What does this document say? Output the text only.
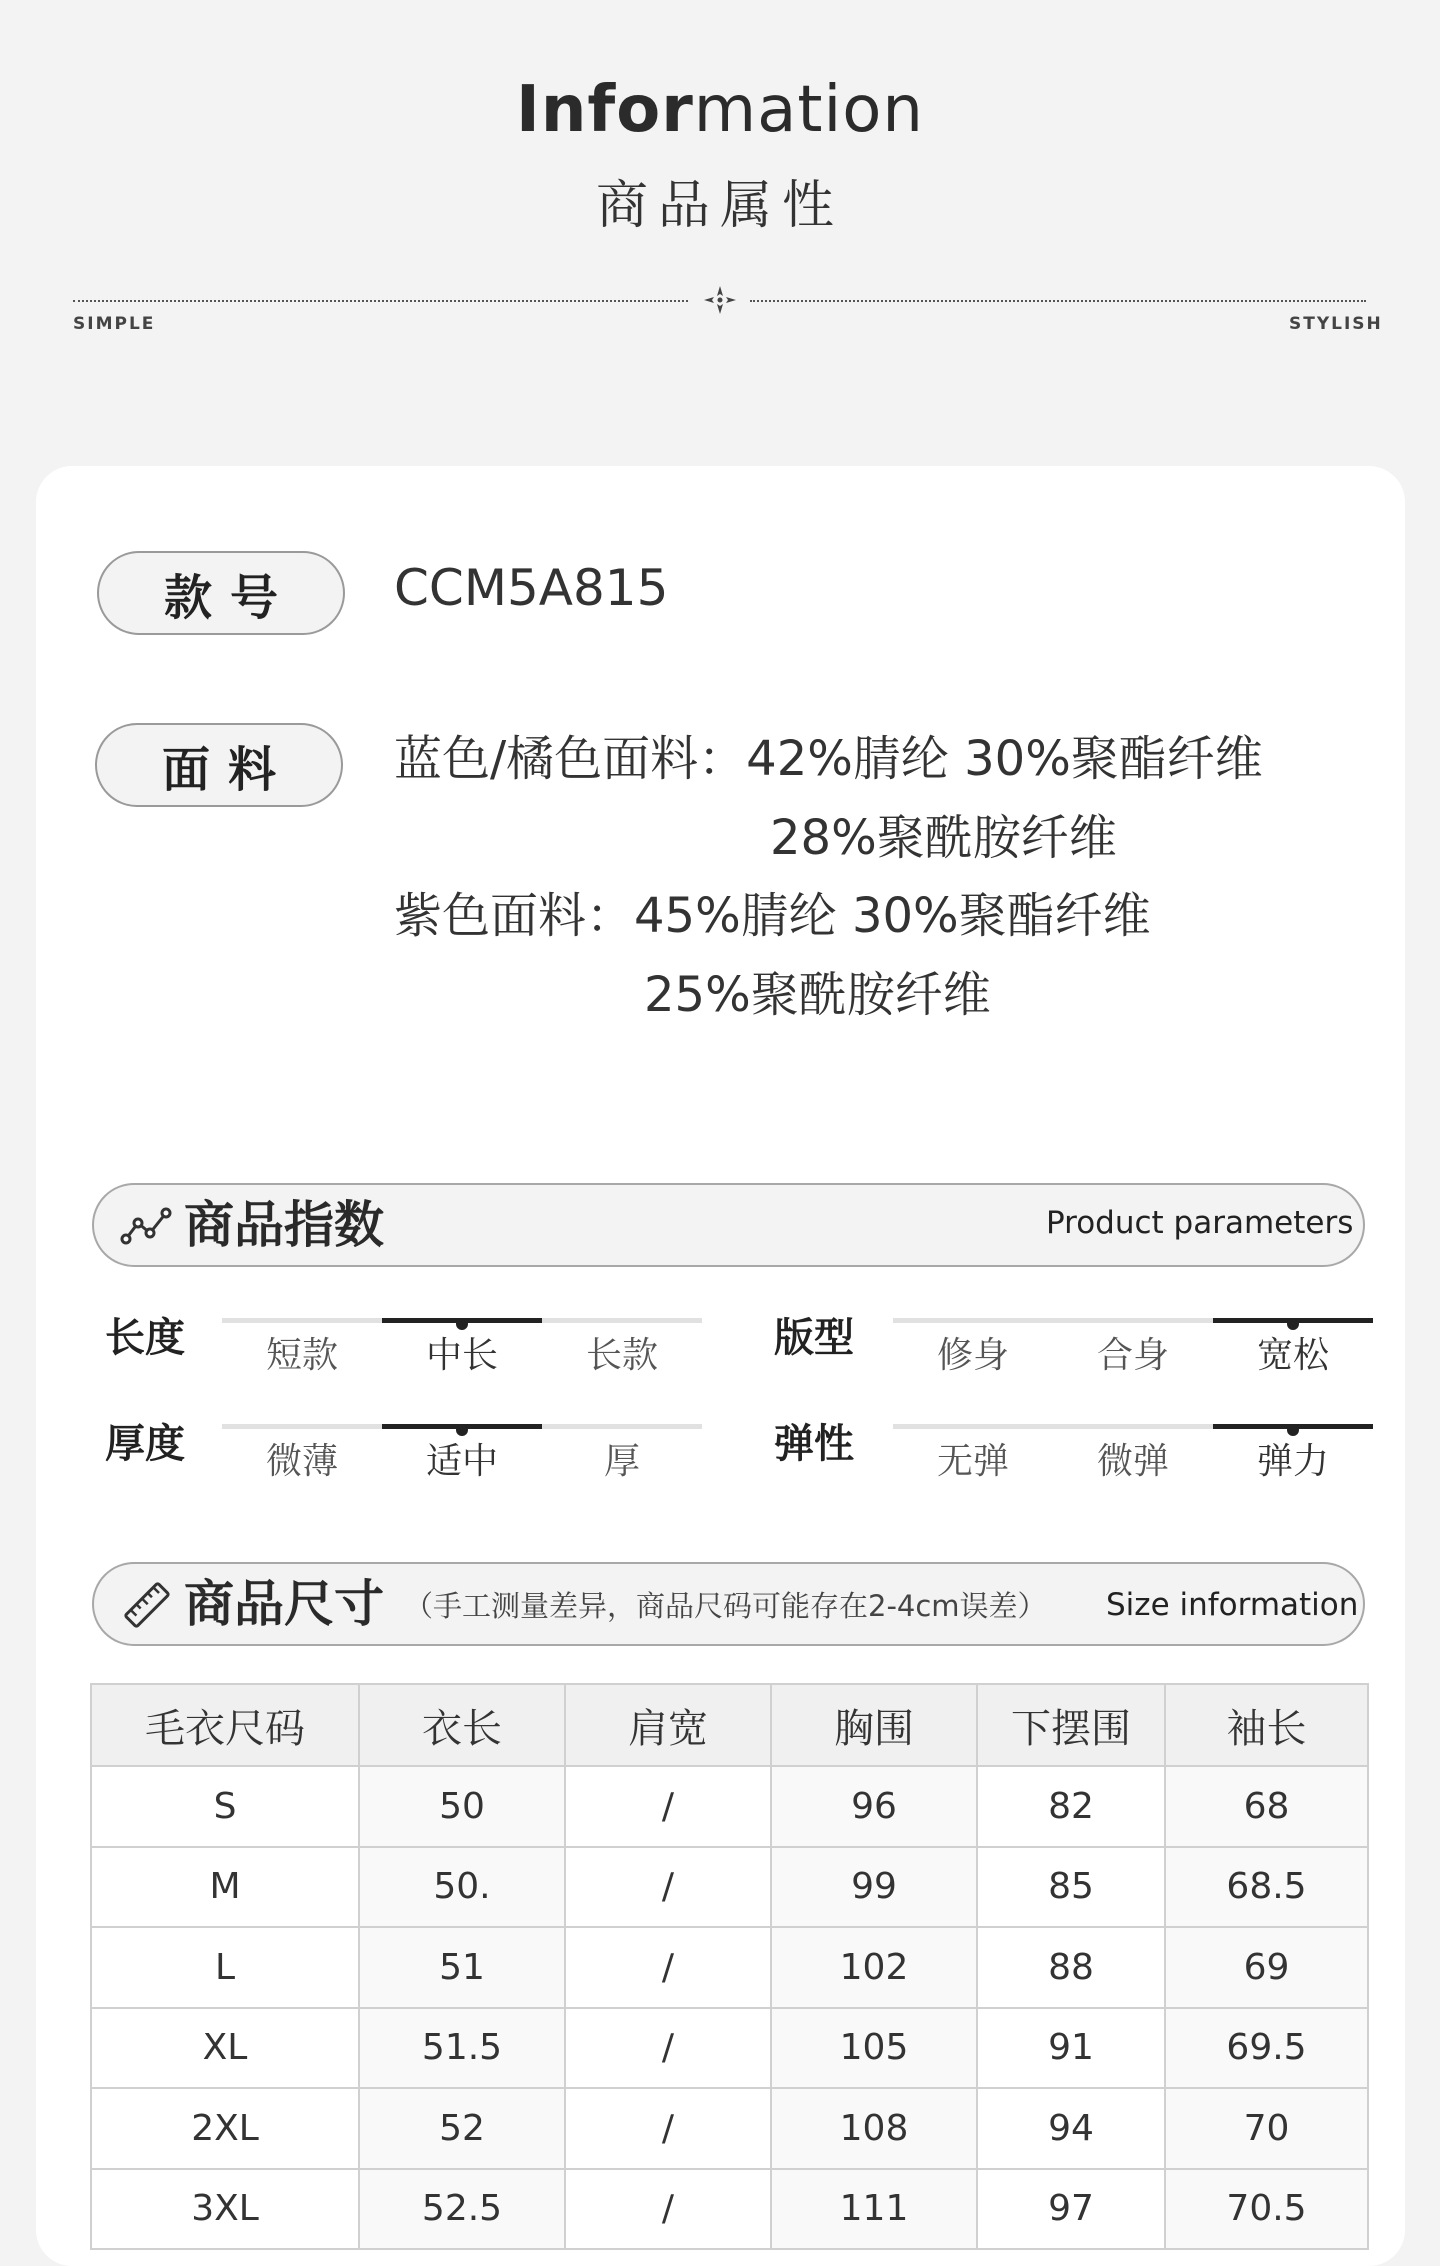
Information
商品属性
SIMPLE	STYLISH
款号	CCM5A815
面料	蓝色/橘色面料：42%腈纶 30%聚酯纤维
28%聚酰胺纤维
紫色面料：45%腈纶 30%聚酯纤维
25%聚酰胺纤维
商品指数	Product parameters
长度	短款	中长	长款	版型	修身	合身	宽松
厚度	微薄	适中	厚	弹性	无弹	微弹	弹力
商品尺寸 （手工测量差异，商品尺码可能存在2-4cm误差） Size information
毛衣尺码	衣长	肩宽	胸围	下摆围	袖长
S	50	/	96	82	68
M	50.	/	99	85	68.5
L	51	/	102	88	69
XL	51.5	/	105	91	69.5
2XL	52	/	108	94	70
3XL	52.5	/	111	97	70.5
